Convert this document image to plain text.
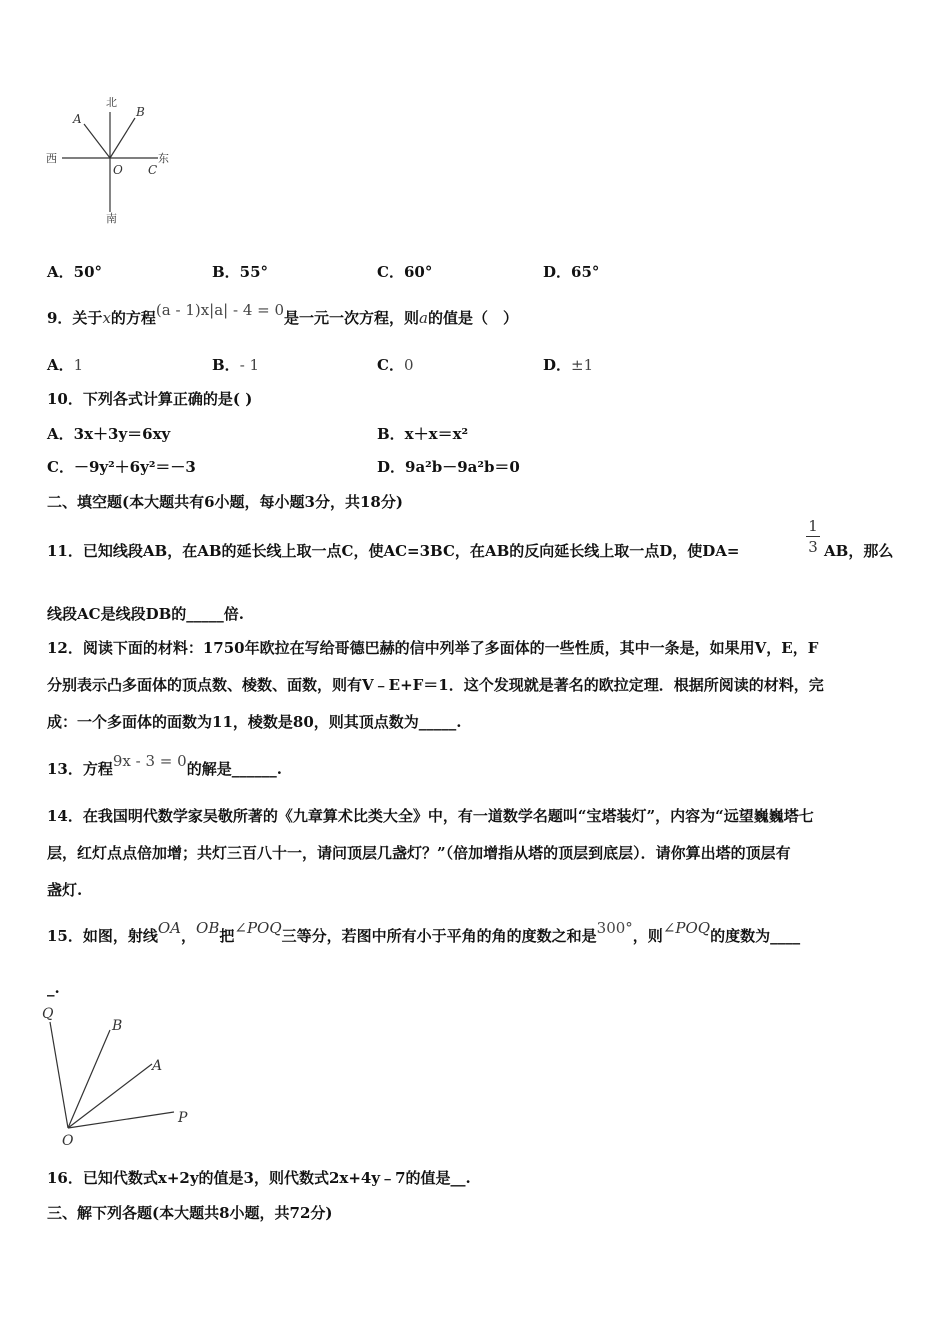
北
南
西	东
A	B
O C
A．50°	B．55°	C．60°	D．65°
9．关于x的方程(a - 1)x|a| - 4 = 0是一元一次方程，则a的值是（　）
A．1	B．- 1	C．0	D．±1
10．下列各式计算正确的是( )
A．3x＋3y＝6xy	B．x＋x＝x²
C．－9y²＋6y²＝－3	D．9a²b－9a²b＝0
二、填空题(本大题共有6小题，每小题3分，共18分)
11．已知线段AB，在AB的延长线上取一点C，使AC=3BC，在AB的反向延长线上取一点D，使DA=
1
3 AB，那么
线段AC是线段DB的_____倍.
12．阅读下面的材料：1750年欧拉在写给哥德巴赫的信中列举了多面体的一些性质，其中一条是，如果用V，E，F
分别表示凸多面体的顶点数、棱数、面数，则有V﹣E+F＝1．这个发现就是著名的欧拉定理．根据所阅读的材料，完
成：一个多面体的面数为11，棱数是80，则其顶点数为_____.
13．方程9x - 3 = 0的解是______.
14．在我国明代数学家吴敬所著的《九章算术比类大全》中，有一道数学名题叫“宝塔装灯”，内容为“远望巍巍塔七
层，红灯点点倍加增；共灯三百八十一，请问顶层几盏灯？”（倍加增指从塔的顶层到底层）．请你算出塔的顶层有
盏灯.
15．如图，射线OA，OB把∠POQ三等分，若图中所有小于平角的角的度数之和是300°，则∠POQ的度数为____
_.
Q
B
A
P
O
16．已知代数式x+2y的值是3，则代数式2x+4y﹣7的值是__.
三、解下列各题(本大题共8小题，共72分)
